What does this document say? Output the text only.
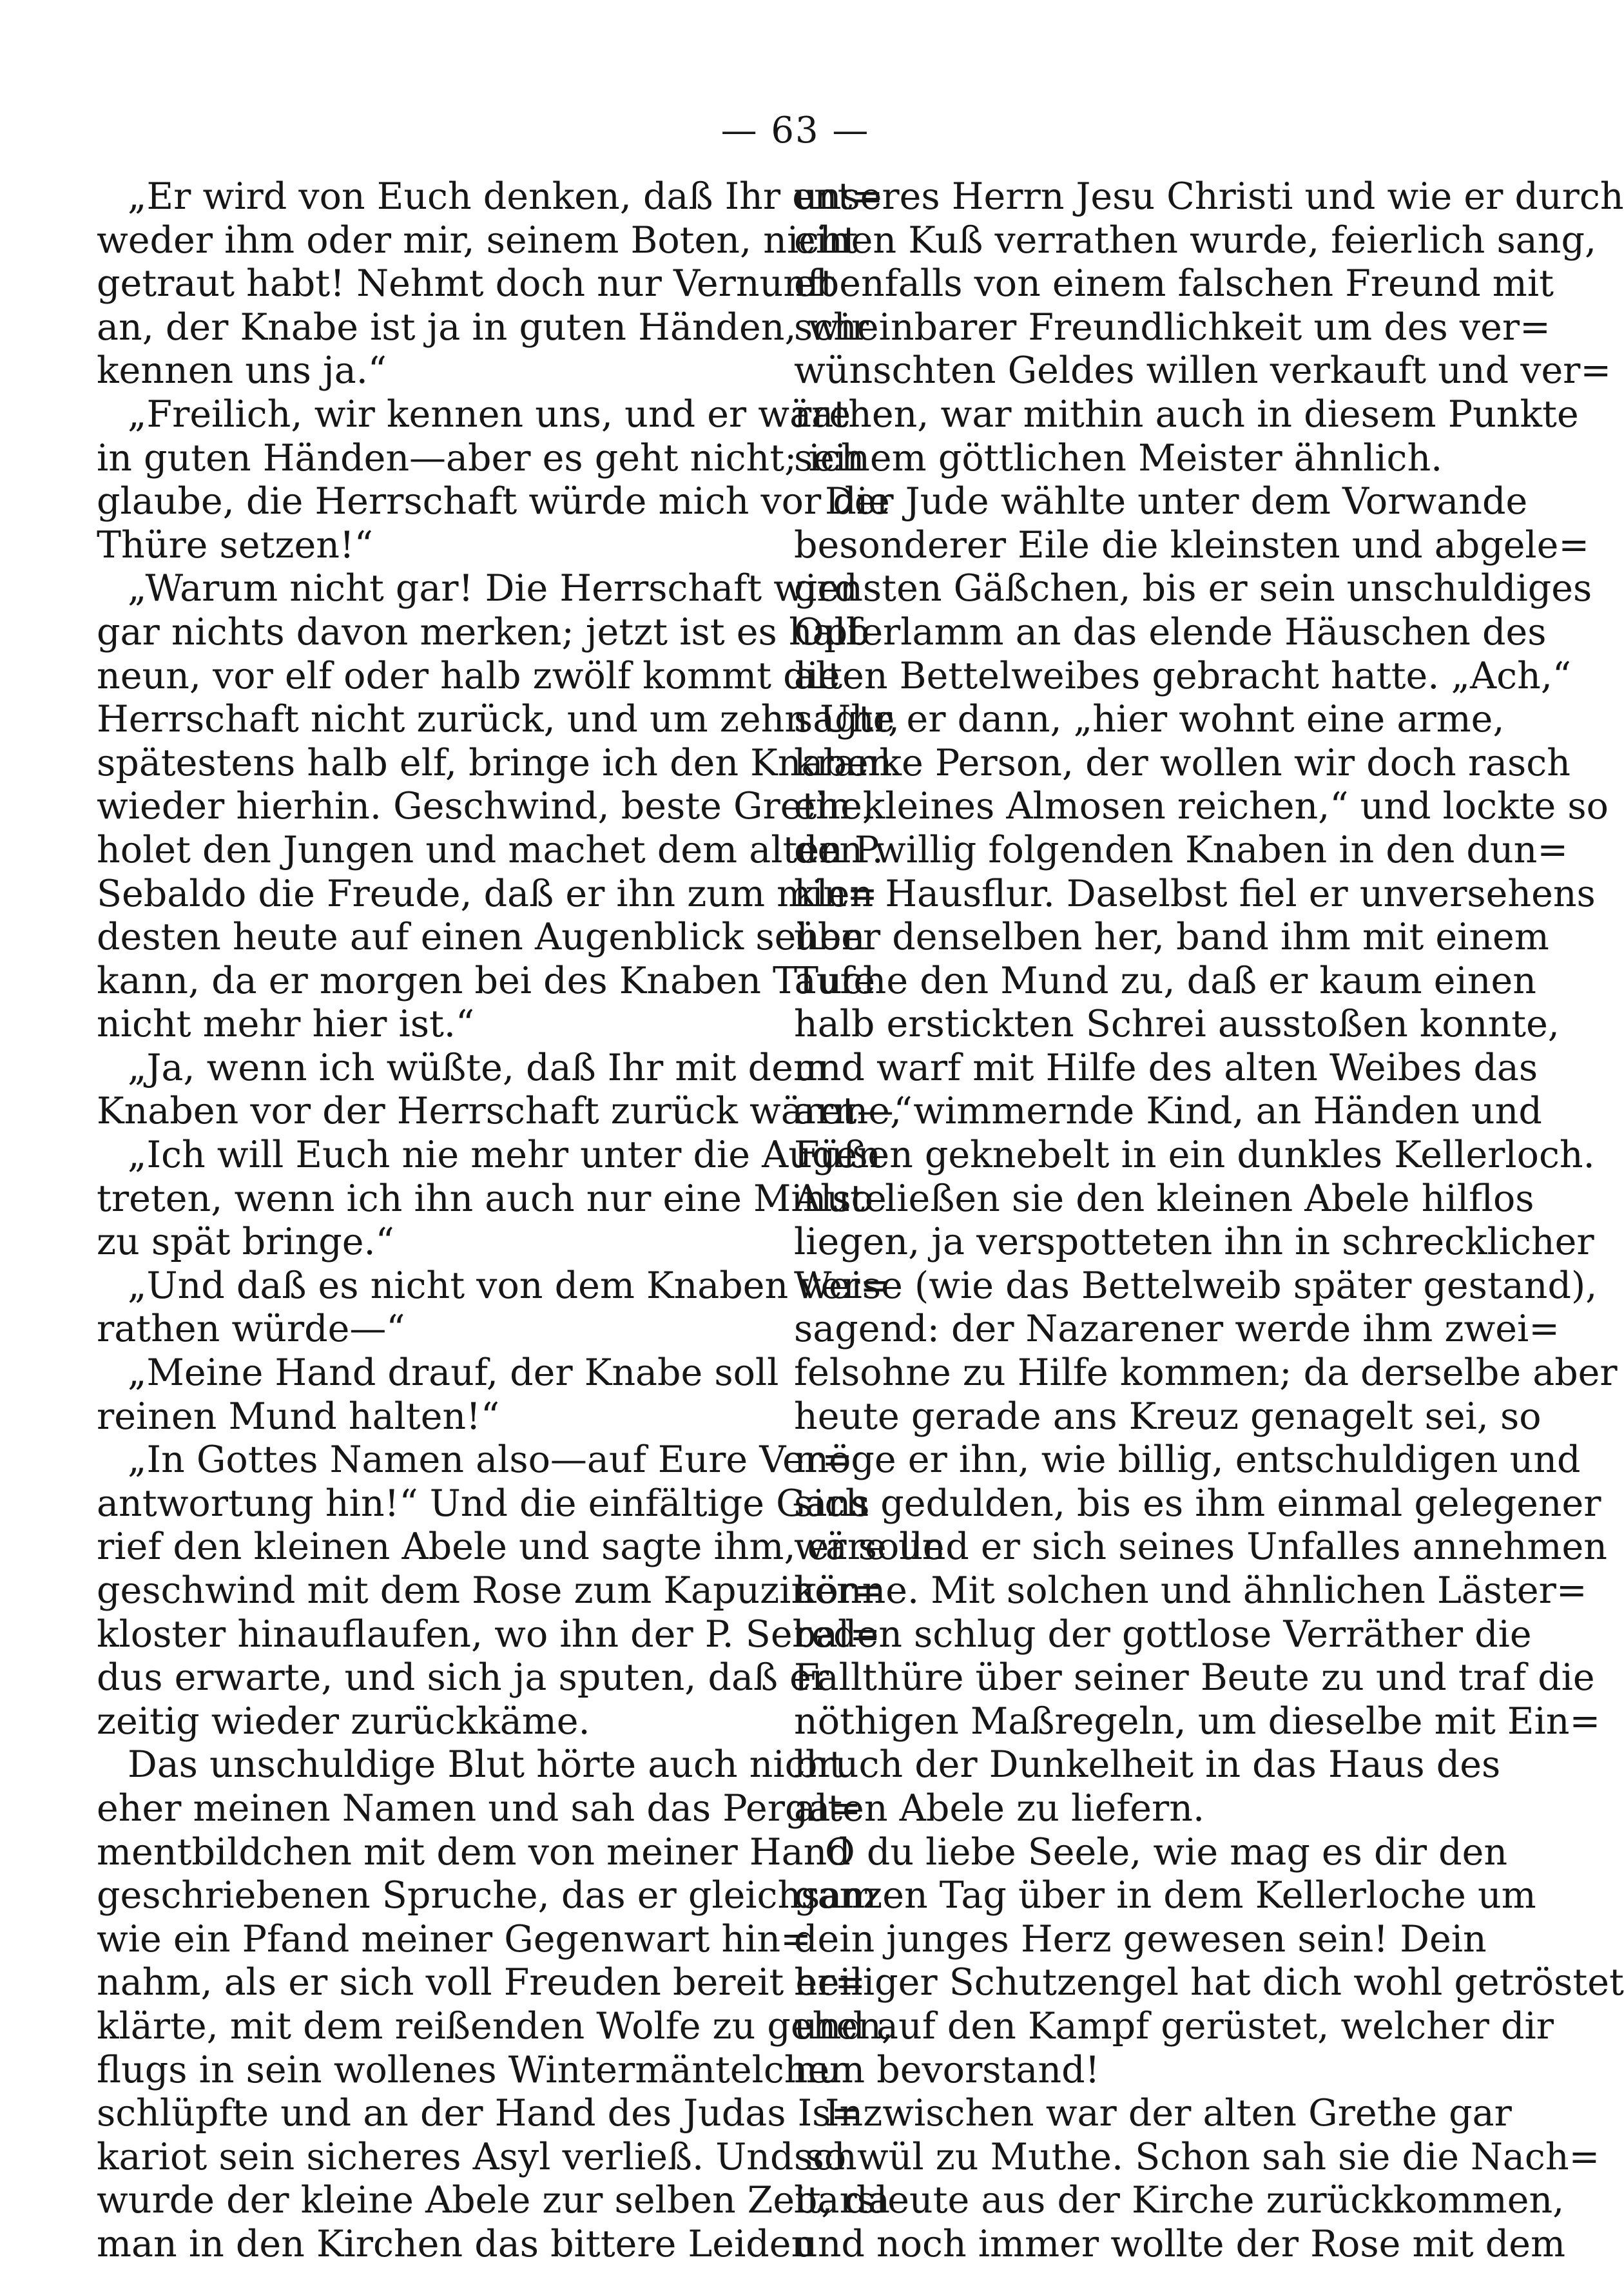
— 63 —
„Er wird von Euch denken, daß Ihr ent=
weder ihm oder mir, seinem Boten, nicht
getraut habt! Nehmt doch nur Vernunft
an, der Knabe ist ja in guten Händen, wir
kennen uns ja.“
„Freilich, wir kennen uns, und er wäre
in guten Händen—aber es geht nicht; ich
glaube, die Herrschaft würde mich vor die
Thüre setzen!“
„Warum nicht gar! Die Herrschaft wird
gar nichts davon merken; jetzt ist es halb
neun, vor elf oder halb zwölf kommt die
Herrschaft nicht zurück, und um zehn Uhr,
spätestens halb elf, bringe ich den Knaben
wieder hierhin. Geschwind, beste Grethe,
holet den Jungen und machet dem alten P.
Sebaldo die Freude, daß er ihn zum min=
desten heute auf einen Augenblick sehen
kann, da er morgen bei des Knaben Taufe
nicht mehr hier ist.“
„Ja, wenn ich wüßte, daß Ihr mit dem
Knaben vor der Herrschaft zurück wäret—“
„Ich will Euch nie mehr unter die Augen
treten, wenn ich ihn auch nur eine Minute
zu spät bringe.“
„Und daß es nicht von dem Knaben ver=
rathen würde—“
„Meine Hand drauf, der Knabe soll
reinen Mund halten!“
„In Gottes Namen also—auf Eure Ver=
antwortung hin!“ Und die einfältige Gans
rief den kleinen Abele und sagte ihm, er solle
geschwind mit dem Rose zum Kapuziner=
kloster hinauflaufen, wo ihn der P. Sebal=
dus erwarte, und sich ja sputen, daß er
zeitig wieder zurückkäme.
Das unschuldige Blut hörte auch nicht
eher meinen Namen und sah das Perga=
mentbildchen mit dem von meiner Hand
geschriebenen Spruche, das er gleichsam
wie ein Pfand meiner Gegenwart hin=
nahm, als er sich voll Freuden bereit er=
klärte, mit dem reißenden Wolfe zu gehen,
flugs in sein wollenes Wintermäntelchen
schlüpfte und an der Hand des Judas Is=
kariot sein sicheres Asyl verließ. Und so
wurde der kleine Abele zur selben Zeit, da
man in den Kirchen das bittere Leiden
unseres Herrn Jesu Christi und wie er durch
einen Kuß verrathen wurde, feierlich sang,
ebenfalls von einem falschen Freund mit
scheinbarer Freundlichkeit um des ver=
wünschten Geldes willen verkauft und ver=
rathen, war mithin auch in diesem Punkte
seinem göttlichen Meister ähnlich.
Der Jude wählte unter dem Vorwande
besonderer Eile die kleinsten und abgele=
gensten Gäßchen, bis er sein unschuldiges
Opferlamm an das elende Häuschen des
alten Bettelweibes gebracht hatte. „Ach,“
sagte er dann, „hier wohnt eine arme,
kranke Person, der wollen wir doch rasch
ein kleines Almosen reichen,“ und lockte so
den willig folgenden Knaben in den dun=
klen Hausflur. Daselbst fiel er unversehens
über denselben her, band ihm mit einem
Tuche den Mund zu, daß er kaum einen
halb erstickten Schrei ausstoßen konnte,
und warf mit Hilfe des alten Weibes das
arme, wimmernde Kind, an Händen und
Füßen geknebelt in ein dunkles Kellerloch.
Also ließen sie den kleinen Abele hilflos
liegen, ja verspotteten ihn in schrecklicher
Weise (wie das Bettelweib später gestand),
sagend: der Nazarener werde ihm zwei=
felsohne zu Hilfe kommen; da derselbe aber
heute gerade ans Kreuz genagelt sei, so
möge er ihn, wie billig, entschuldigen und
sich gedulden, bis es ihm einmal gelegener
wäre und er sich seines Unfalles annehmen
könne. Mit solchen und ähnlichen Läster=
reden schlug der gottlose Verräther die
Fallthüre über seiner Beute zu und traf die
nöthigen Maßregeln, um dieselbe mit Ein=
bruch der Dunkelheit in das Haus des
alten Abele zu liefern.
O du liebe Seele, wie mag es dir den
ganzen Tag über in dem Kellerloche um
dein junges Herz gewesen sein! Dein
heiliger Schutzengel hat dich wohl getröstet
und auf den Kampf gerüstet, welcher dir
nun bevorstand!
Inzwischen war der alten Grethe gar
schwül zu Muthe. Schon sah sie die Nach=
barsleute aus der Kirche zurückkommen,
und noch immer wollte der Rose mit dem
